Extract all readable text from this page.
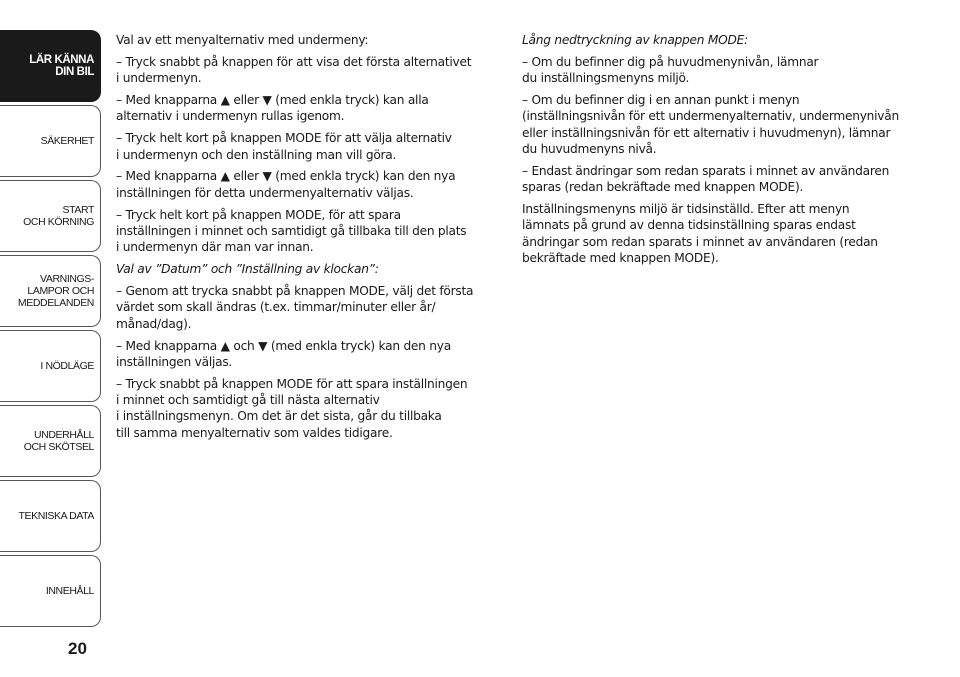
LÄR KÄNNA
DIN BIL
SÄKERHET
START
OCH KÖRNING
VARNINGS-
LAMPOR OCH
MEDDELANDEN
I NÖDLÄGE
UNDERHÅLL
OCH SKÖTSEL
TEKNISKA DATA
INNEHÅLL
20

Val av ett menyalternativ med undermeny:

– Tryck snabbt på knappen för att visa det första alternativet
i undermenyn.

– Med knapparna ▲ eller ▼ (med enkla tryck) kan alla
alternativ i undermenyn rullas igenom.

– Tryck helt kort på knappen MODE för att välja alternativ
i undermenyn och den inställning man vill göra.

– Med knapparna ▲ eller ▼ (med enkla tryck) kan den nya
inställningen för detta undermenyalternativ väljas.

– Tryck helt kort på knappen MODE, för att spara
inställningen i minnet och samtidigt gå tillbaka till den plats
i undermenyn där man var innan.

Val av ”Datum” och ”Inställning av klockan”:

– Genom att trycka snabbt på knappen MODE, välj det första
värdet som skall ändras (t.ex. timmar/minuter eller år/
månad/dag).

– Med knapparna ▲ och ▼ (med enkla tryck) kan den nya
inställningen väljas.

– Tryck snabbt på knappen MODE för att spara inställningen
i minnet och samtidigt gå till nästa alternativ
i inställningsmenyn. Om det är det sista, går du tillbaka
till samma menyalternativ som valdes tidigare.

Lång nedtryckning av knappen MODE:

– Om du befinner dig på huvudmenynivån, lämnar
du inställningsmenyns miljö.

– Om du befinner dig i en annan punkt i menyn
(inställningsnivån för ett undermenyalternativ, undermenynivån
eller inställningsnivån för ett alternativ i huvudmenyn), lämnar
du huvudmenyns nivå.

– Endast ändringar som redan sparats i minnet av användaren
sparas (redan bekräftade med knappen MODE).

Inställningsmenyns miljö är tidsinställd. Efter att menyn
lämnats på grund av denna tidsinställning sparas endast
ändringar som redan sparats i minnet av användaren (redan
bekräftade med knappen MODE).
